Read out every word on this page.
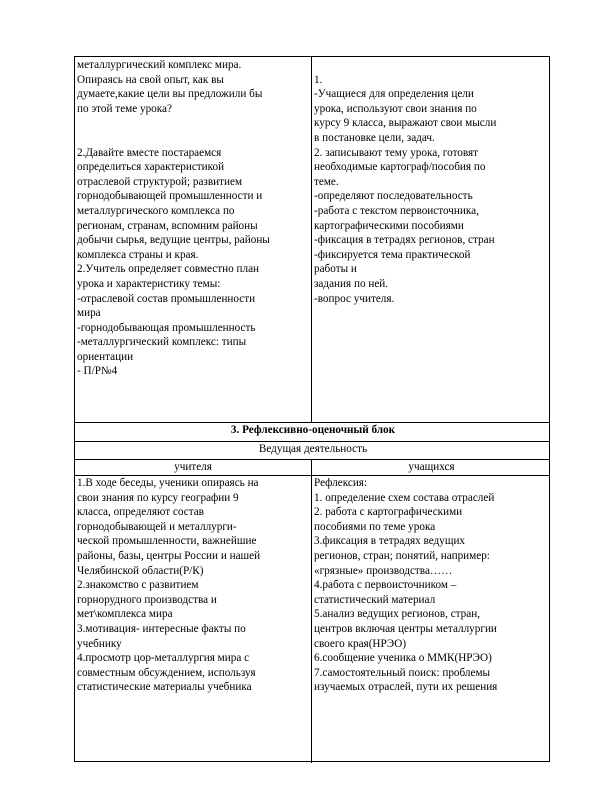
металлургический комплекс мира.
Опираясь на свой опыт, как вы
думаете,какие цели вы предложили бы
по этой теме урока?
2.Давайте вместе постараемся
определиться характеристикой
отраслевой структурой; развитием
горнодобывающей промышленности и
металлургического комплекса по
регионам, странам, вспомним районы
добычи сырья, ведущие центры, районы
комплекса страны и края.
2.Учитель определяет совместно план
урока и характеристику темы:
-отраслевой состав промышленности
мира
-горнодобывающая промышленность
-металлургический комплекс: типы
ориентации
- П/Р№4
1.
-Учащиеся для определения цели
урока, используют свои знания по
курсу 9 класса, выражают свои мысли
в постановке цели, задач.
2. записывают тему урока, готовят
необходимые картограф/пособия по
теме.
-определяют последовательность
-работа с текстом первоисточника,
картографическими пособиями
-фиксация в тетрадях регионов, стран
-фиксируется тема практической
работы и
задания по ней.
-вопрос учителя.
3. Рефлексивно-оценочный блок
Ведущая деятельность
учителя	учащихся
1.В ходе беседы, ученики опираясь на
свои знания по курсу географии 9
класса, определяют состав
горнодобывающей и металлурги-
ческой промышленности, важнейшие
районы, базы, центры России и нашей
Челябинской области(Р/К)
2.знакомство с развитием
горнорудного производства и
мет\комплекса мира
3.мотивация- интересные факты по
учебнику
4.просмотр цор-металлургия мира с
совместным обсуждением, используя
статистические матеpиалы учебника
Рефлексия:
1. определение схем состава отраслей
2. работа с картографическими
пособиями по теме урока
3.фиксация в тетрадях ведущих
регионов, стран; понятий, например:
«грязные» производства……
4.работа с первоисточником –
статистический материал
5.анализ ведущих регионов, стран,
центров включая центры металлургии
своего края(НРЭО)
6.сообщение ученика о ММК(НРЭО)
7.самостоятельный поиск: проблемы
изучаемых отраслей, пути их решения
